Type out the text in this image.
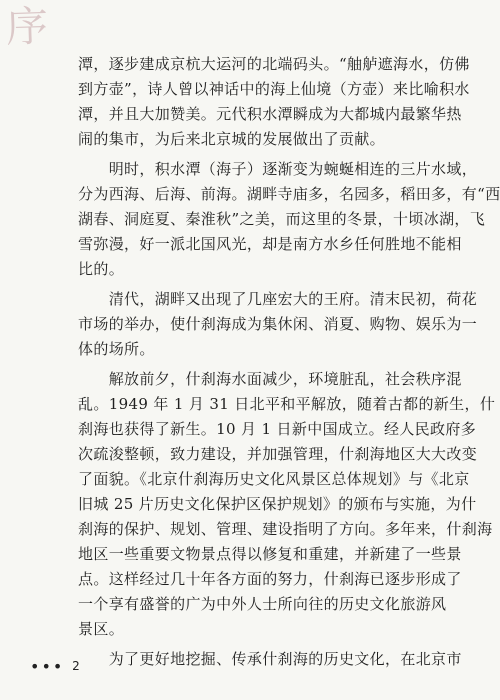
序
潭，逐步建成京杭大运河的北端码头。“舳舻遮海水，仿佛
到方壶”，诗人曾以神话中的海上仙境（方壶）来比喻积水
潭，并且大加赞美。元代积水潭瞬成为大都城内最繁华热
闹的集市，为后来北京城的发展做出了贡献。
　　明时，积水潭（海子）逐渐变为蜿蜒相连的三片水域，
分为西海、后海、前海。湖畔寺庙多，名园多，稻田多，有“西
湖春、洞庭夏、秦淮秋”之美，而这里的冬景，十顷冰湖，飞
雪弥漫，好一派北国风光，却是南方水乡任何胜地不能相
比的。
　　清代，湖畔又出现了几座宏大的王府。清末民初，荷花
市场的举办，使什刹海成为集休闲、消夏、购物、娱乐为一
体的场所。
　　解放前夕，什刹海水面减少，环境脏乱，社会秩序混
乱。1949 年 1 月 31 日北平和平解放，随着古都的新生，什
刹海也获得了新生。10 月 1 日新中国成立。经人民政府多
次疏浚整顿，致力建设，并加强管理，什刹海地区大大改变
了面貌。《北京什刹海历史文化风景区总体规划》与《北京
旧城 25 片历史文化保护区保护规划》的颁布与实施，为什
刹海的保护、规划、管理、建设指明了方向。多年来，什刹海
地区一些重要文物景点得以修复和重建，并新建了一些景
点。这样经过几十年各方面的努力，什刹海已逐步形成了
一个享有盛誉的广为中外人士所向往的历史文化旅游风
景区。
　　为了更好地挖掘、传承什刹海的历史文化，在北京市
••• 2
